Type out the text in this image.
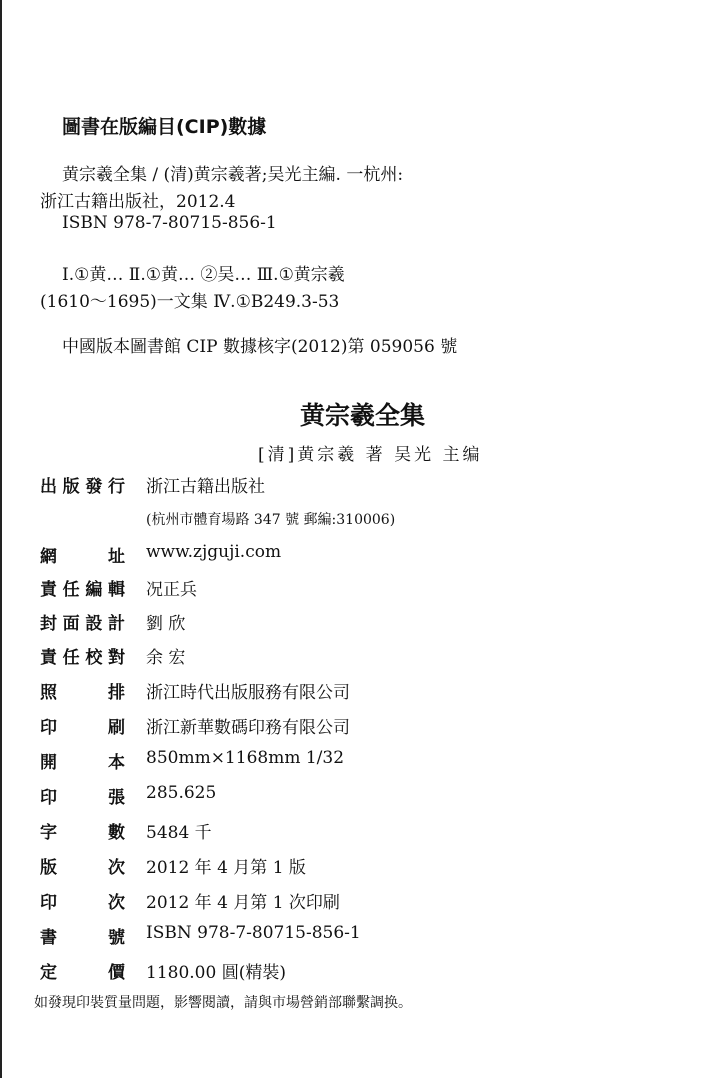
圖書在版編目(CIP)數據
黄宗羲全集 / (清)黄宗羲著;吴光主編. 一杭州:
浙江古籍出版社，2012.4
ISBN 978-7-80715-856-1
Ⅰ.①黄… Ⅱ.①黄… ②吴… Ⅲ.①黄宗羲
(1610～1695)一文集 Ⅳ.①B249.3-53
中國版本圖書館 CIP 數據核字(2012)第 059056 號
黄宗羲全集
[清]黄宗羲 著 吴光 主编
出 版 發 行 浙江古籍出版社
(杭州市體育場路 347 號 郵編:310006)
網	址 www.zjguji.com
責 任 編 輯 况正兵
封 面 設 計 劉 欣
責 任 校 對 余 宏
照	排 浙江時代出版服務有限公司
印	刷 浙江新華數碼印務有限公司
開	本 850mm×1168mm 1/32
印	張 285.625
字	數 5484 千
版	次 2012 年 4 月第 1 版
印	次 2012 年 4 月第 1 次印刷
書	號 ISBN 978-7-80715-856-1
定	價 1180.00 圓(精裝)
如發現印裝質量問題，影響閱讀，請與市場營銷部聯繫調换。
